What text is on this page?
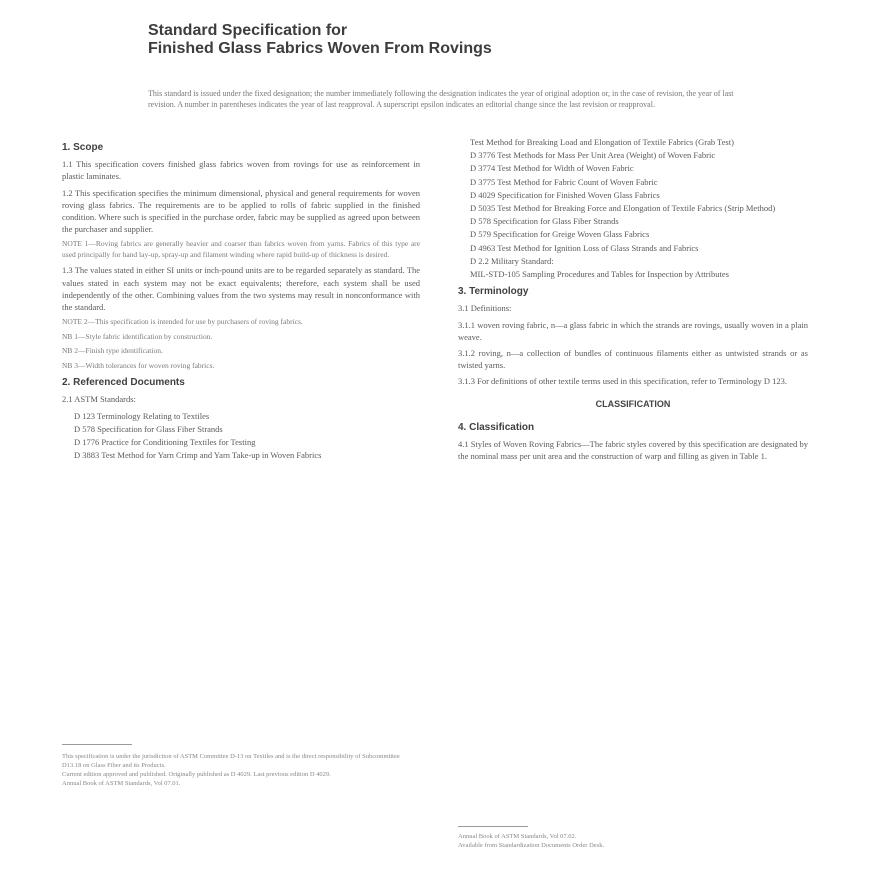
Standard Specification for
Finished Glass Fabrics Woven From Rovings
This standard is issued under the fixed designation; the number immediately following the designation indicates the year of original adoption or, in the case of revision, the year of last revision. A number in parentheses indicates the year of last reapproval. A superscript epsilon indicates an editorial change since the last revision or reapproval.
1. Scope

1.1 This specification covers finished glass fabrics woven from rovings for use as reinforcement in plastic laminates.

1.2 This specification specifies the minimum dimensional, physical and general requirements for woven roving glass fabrics. The requirements are to be applied to rolls of fabric supplied in the finished condition. Where such is specified in the purchase order, fabric may be supplied as agreed upon between the purchaser and supplier.

NOTE 1—Roving fabrics are generally heavier and coarser than fabrics woven from yarns. Fabrics of this type are used principally for hand lay-up, spray-up and filament winding where rapid build-up of thickness is desired.

1.3 The values stated in either SI units or inch-pound units are to be regarded separately as standard. The values stated in each system may not be exact equivalents; therefore, each system shall be used independently of the other. Combining values from the two systems may result in nonconformance with the standard.

NOTE 2—This specification is intended for use by purchasers of roving fabrics.

NB 1—Style fabric identification by construction.
NB 2—Finish type identification.
NB 3—Width tolerances for woven roving fabrics.
2. Referenced Documents

2.1 ASTM Standards:

D 123 Terminology Relating to Textiles
D 578 Specification for Glass Fiber Strands
D 1776 Practice for Conditioning Textiles for Testing
D 3883 Test Method for Yarn Crimp and Yarn Take-up in Woven Fabrics
This specification is under the jurisdiction of ASTM Committee D-13 on Textiles and is the direct responsibility of Subcommittee D13.18 on Glass Fiber and its Products.
Current edition approved and published. Originally published as D 4029. Last previous edition D 4029.
Annual Book of ASTM Standards, Vol 07.01.
Test Method for Breaking Load and Elongation of Textile Fabrics (Grab Test)
D 3776 Test Methods for Mass Per Unit Area (Weight) of Woven Fabric
D 3774 Test Method for Width of Woven Fabric
D 3775 Test Method for Fabric Count of Woven Fabric
D 4029 Specification for Finished Woven Glass Fabrics
D 5035 Test Method for Breaking Force and Elongation of Textile Fabrics (Strip Method)
D 578 Specification for Glass Fiber Strands
D 579 Specification for Greige Woven Glass Fabrics
D 4963 Test Method for Ignition Loss of Glass Strands and Fabrics
D 2.2 Military Standard:
MIL-STD-105 Sampling Procedures and Tables for Inspection by Attributes
3. Terminology

3.1 Definitions:

3.1.1 woven roving fabric, n—a glass fabric in which the strands are rovings, usually woven in a plain weave.

3.1.2 roving, n—a collection of bundles of continuous filaments either as untwisted strands or as twisted yarns.

3.1.3 For definitions of other textile terms used in this specification, refer to Terminology D 123.

CLASSIFICATION
4. Classification

4.1 Styles of Woven Roving Fabrics—The fabric styles covered by this specification are designated by the nominal mass per unit area and the construction of warp and filling as given in Table 1.

Annual Book of ASTM Standards, Vol 07.02.
Available from Standardization Documents Order Desk.
